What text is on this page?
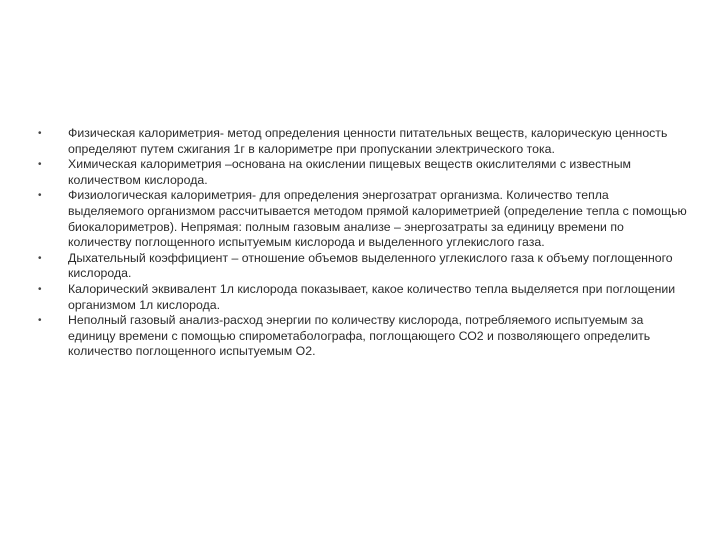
•	Физическая калориметрия- метод определения ценности питательных веществ, калорическую ценность определяют путем сжигания 1г в калориметре при пропускании электрического тока.
•	Химическая калориметрия –основана на окислении пищевых веществ окислителями с известным количеством кислорода.
•	Физиологическая калориметрия- для определения энергозатрат организма. Количество тепла выделяемого организмом рассчитывается методом прямой калориметрией (определение тепла с помощью биокалориметров). Непрямая: полным газовым анализе – энергозатраты за единицу времени по количеству поглощенного испытуемым кислорода и выделенного углекислого газа.
•	Дыхательный коэффициент – отношение объемов выделенного углекислого газа к объему поглощенного кислорода.
•	Калорический эквивалент 1л кислорода показывает, какое количество тепла выделяется при поглощении организмом 1л кислорода.
•	Неполный газовый анализ-расход энергии по количеству кислорода, потребляемого испытуемым за единицу времени с помощью спирометаболографа, поглощающего СО2 и позволяющего определить количество поглощенного испытуемым О2.
